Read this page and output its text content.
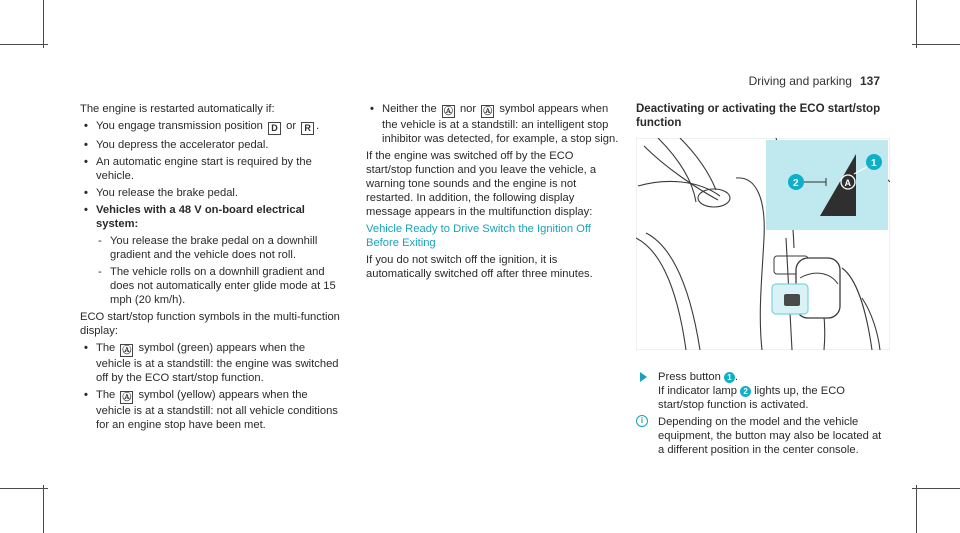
Driving and parking 137

The engine is restarted automatically if:

• You engage transmission position D or R .
• You depress the accelerator pedal.
• An automatic engine start is required by the vehicle.
• You release the brake pedal.
• Vehicles with a 48 V on-board electrical system:
- You release the brake pedal on a downhill gradient and the vehicle does not roll.
- The vehicle rolls on a downhill gradient and does not automatically enter glide mode at 15 mph (20 km/h).

ECO start/stop function symbols in the multi-function display:

• The Ⓐ symbol (green) appears when the vehicle is at a standstill: the engine was switched off by the ECO start/stop function.
• The Ⓐ symbol (yellow) appears when the vehicle is at a standstill: not all vehicle conditions for an engine stop have been met.
• Neither the Ⓐ nor Ⓐ symbol appears when the vehicle is at a standstill: an intelligent stop inhibitor was detected, for example, a stop sign.

If the engine was switched off by the ECO start/stop function and you leave the vehicle, a warning tone sounds and the engine is not restarted. In addition, the following display message appears in the multifunction display:

Vehicle Ready to Drive Switch the Ignition Off Before Exiting

If you do not switch off the ignition, it is automatically switched off after three minutes.

Deactivating or activating the ECO start/stop function
A
2
1
Press button 1 .
If indicator lamp 2 lights up, the ECO start/stop function is activated.
i	Depending on the model and the vehicle equipment, the button may also be located at a different position in the center console.
